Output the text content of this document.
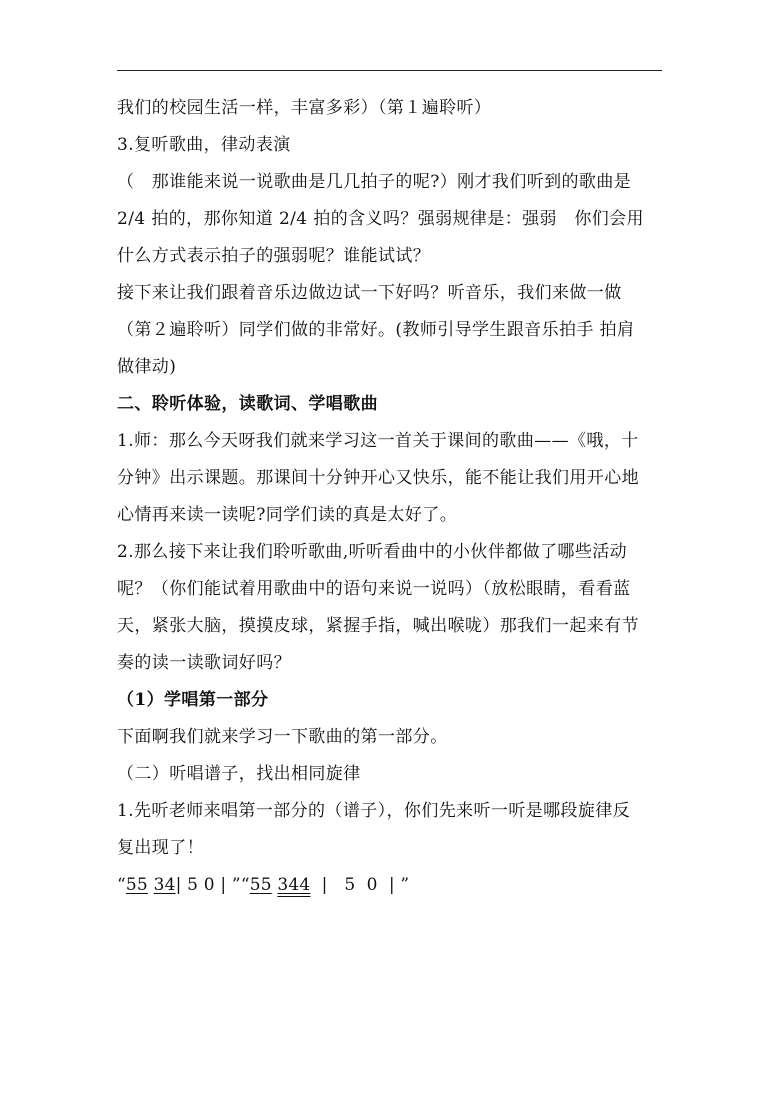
我们的校园生活一样，丰富多彩）（第１遍聆听）
3.复听歌曲，律动表演
（　那谁能来说一说歌曲是几几拍子的呢?）刚才我们听到的歌曲是
2/4 拍的，那你知道 2/4 拍的含义吗？强弱规律是：强弱　你们会用
什么方式表示拍子的强弱呢？谁能试试？
接下来让我们跟着音乐边做边试一下好吗？听音乐，我们来做一做
（第２遍聆听）同学们做的非常好。(教师引导学生跟音乐拍手 拍肩
做律动)
二、聆听体验，读歌词、学唱歌曲
1.师：那么今天呀我们就来学习这一首关于课间的歌曲——《哦，十
分钟》出示课题。那课间十分钟开心又快乐，能不能让我们用开心地
心情再来读一读呢?同学们读的真是太好了。
2.那么接下来让我们聆听歌曲,听听看曲中的小伙伴都做了哪些活动
呢？（你们能试着用歌曲中的语句来说一说吗）（放松眼睛，看看蓝
天，紧张大脑，摸摸皮球，紧握手指，喊出喉咙）那我们一起来有节
奏的读一读歌词好吗？
（1）学唱第一部分
下面啊我们就来学习一下歌曲的第一部分。
（二）听唱谱子，找出相同旋律
1.先听老师来唱第一部分的（谱子），你们先来听一听是哪段旋律反
复出现了！
“55 34| 5 0 | ”“55 344  |   5  0  | ”
